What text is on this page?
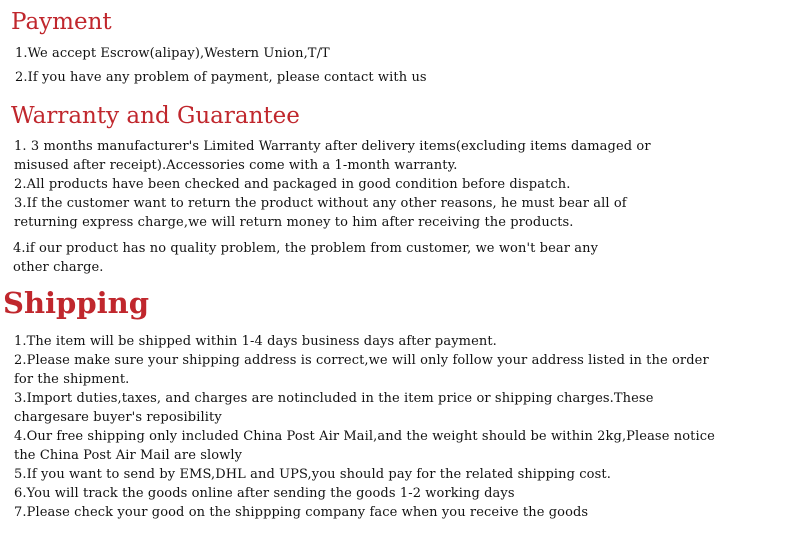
Payment
1.We accept Escrow(alipay),Western Union,T/T
2.If you have any problem of payment, please contact with us
Warranty and Guarantee
1. 3 months manufacturer's Limited Warranty after delivery items(excluding items damaged or
misused after receipt).Accessories come with a 1-month warranty.
2.All products have been checked and packaged in good condition before dispatch.
3.If the customer want to return the product without any other reasons, he must bear all of
returning express charge,we will return money to him after receiving the products.
4.if our product has no quality problem, the problem from customer, we won't bear any
other charge.
Shipping
1.The item will be shipped within 1-4 days business days after payment.
2.Please make sure your shipping address is correct,we will only follow your address listed in the order
for the shipment.
3.Import duties,taxes, and charges are notincluded in the item price or shipping charges.These
chargesare buyer's reposibility
4.Our free shipping only included China Post Air Mail,and the weight should be within 2kg,Please notice
the China Post Air Mail are slowly
5.If you want to send by EMS,DHL and UPS,you should pay for the related shipping cost.
6.You will track the goods online after sending the goods 1-2 working days
7.Please check your good on the shippping company face when you receive the goods
